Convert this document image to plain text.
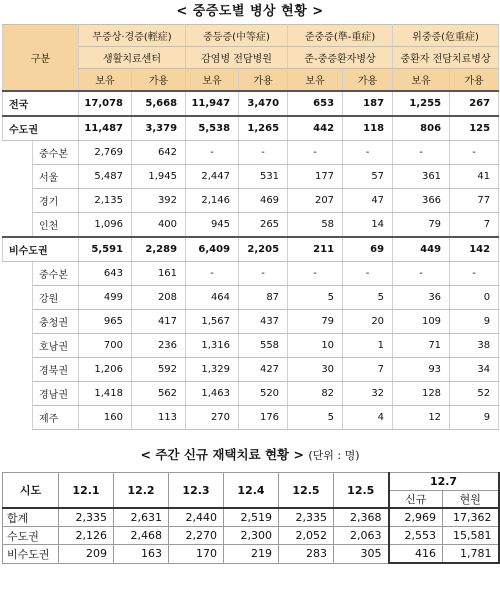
< 중증도별 병상 현황 >
구분		무증상·경증(輕症)		중등증(中等症)		준중증(準-重症)		위중증(危重症)	
		생활치료센터		감염병 전담병원		준-중증환자병상		중환자 전담치료병상	
		보유	가용	보유	가용	보유	가용	보유	가용
전국		17,078	5,668	11,947	3,470	653	187	1,255	267
수도권		11,487	3,379	5,538	1,265	442	118	806	125
	중수본	2,769	642	-	-	-	-	-	-
	서울	5,487	1,945	2,447	531	177	57	361	41
	경기	2,135	392	2,146	469	207	47	366	77
	인천	1,096	400	945	265	58	14	79	7
비수도권		5,591	2,289	6,409	2,205	211	69	449	142
	중수본	643	161	-	-	-	-	-	-
	강원	499	208	464	87	5	5	36	0
	충청권	965	417	1,567	437	79	20	109	9
	호남권	700	236	1,316	558	10	1	71	38
	경북권	1,206	592	1,329	427	30	7	93	34
	경남권	1,418	562	1,463	520	82	32	128	52
	제주	160	113	270	176	5	4	12	9
< 주간 신규 재택치료 현황 > (단위 : 명)
시도	12.1	12.2	12.3	12.4	12.5	12.5	12.7	
							신규	현원
합계	2,335	2,631	2,440	2,519	2,335	2,368	2,969	17,362
수도권	2,126	2,468	2,270	2,300	2,052	2,063	2,553	15,581
비수도권	209	163	170	219	283	305	416	1,781
